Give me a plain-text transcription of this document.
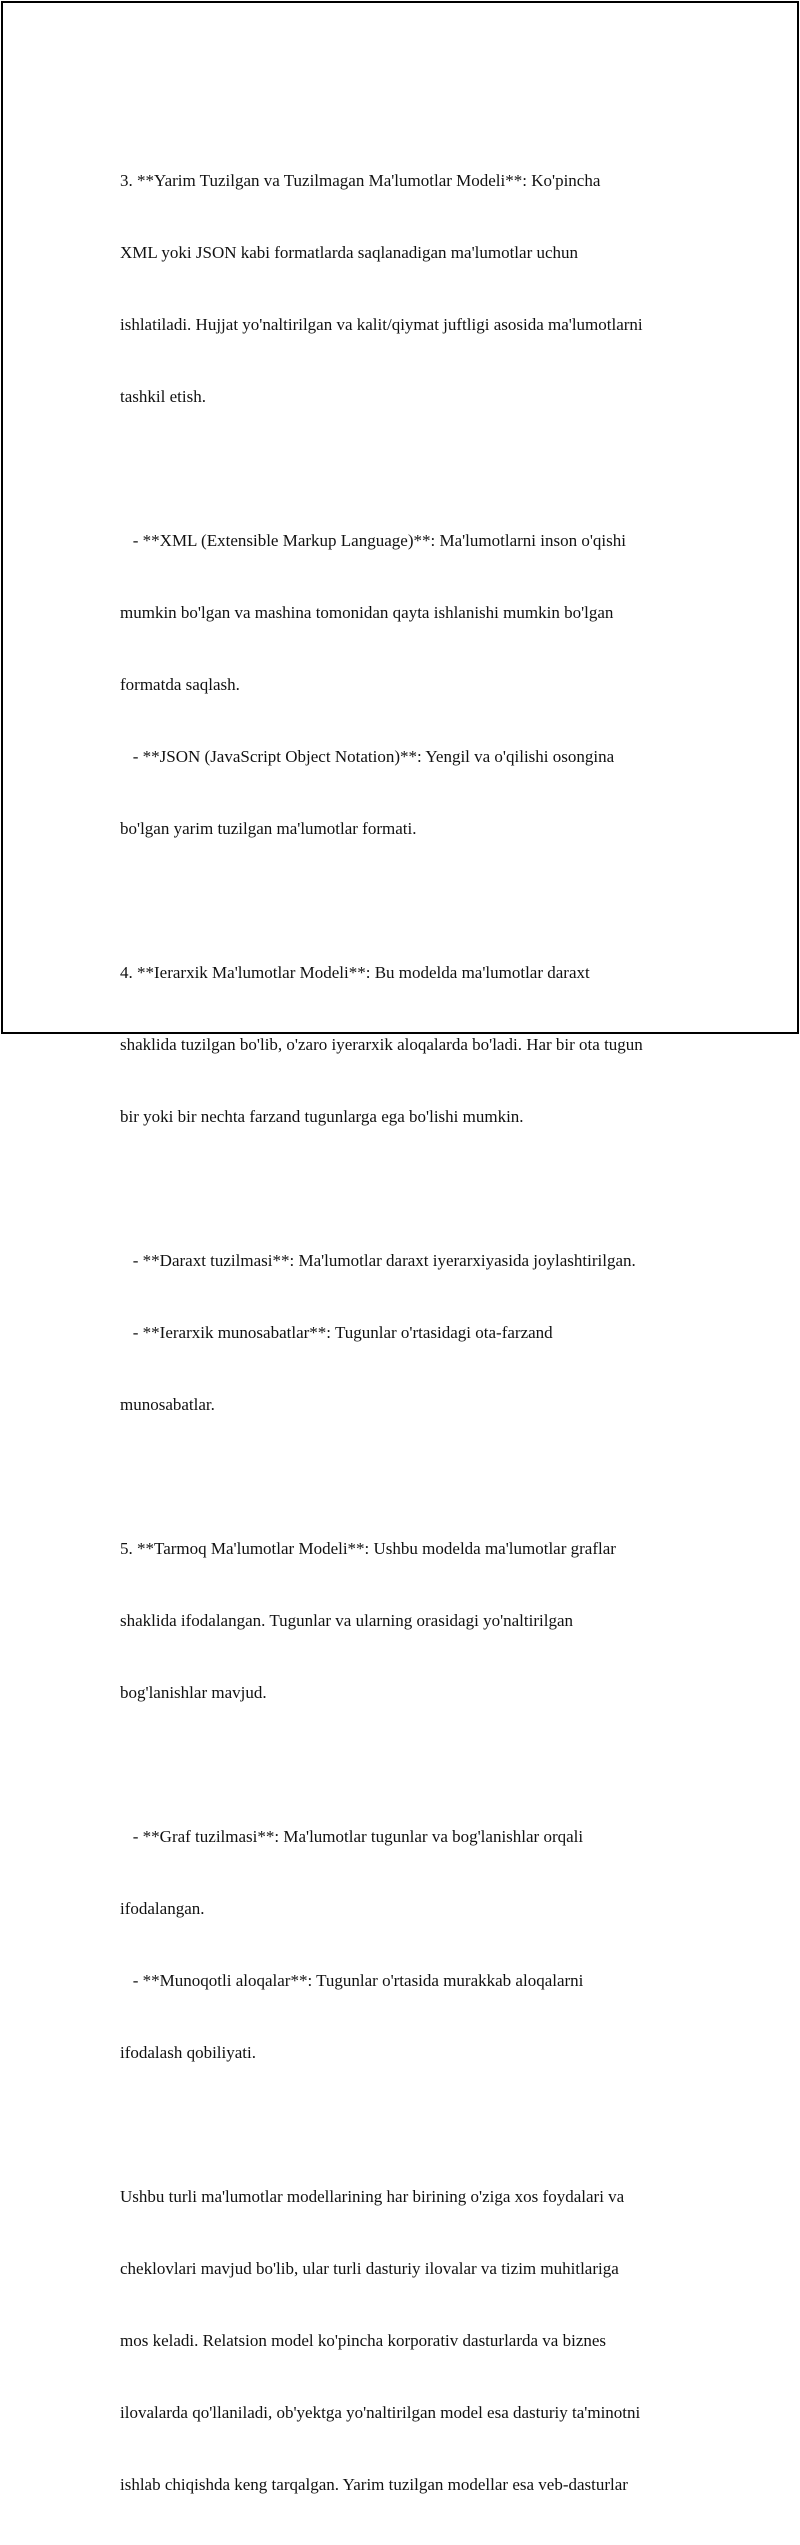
3. **Yarim Tuzilgan va Tuzilmagan Ma'lumotlar Modeli**: Ko'pincha

XML yoki JSON kabi formatlarda saqlanadigan ma'lumotlar uchun

ishlatiladi. Hujjat yo'naltirilgan va kalit/qiymat juftligi asosida ma'lumotlarni

tashkil etish.

- **XML (Extensible Markup Language)**: Ma'lumotlarni inson o'qishi

mumkin bo'lgan va mashina tomonidan qayta ishlanishi mumkin bo'lgan

formatda saqlash.

- **JSON (JavaScript Object Notation)**: Yengil va o'qilishi osongina

bo'lgan yarim tuzilgan ma'lumotlar formati.

4. **Ierarxik Ma'lumotlar Modeli**: Bu modelda ma'lumotlar daraxt

shaklida tuzilgan bo'lib, o'zaro iyerarxik aloqalarda bo'ladi. Har bir ota tugun

bir yoki bir nechta farzand tugunlarga ega bo'lishi mumkin.

- **Daraxt tuzilmasi**: Ma'lumotlar daraxt iyerarxiyasida joylashtirilgan.

- **Ierarxik munosabatlar**: Tugunlar o'rtasidagi ota-farzand

munosabatlar.

5. **Tarmoq Ma'lumotlar Modeli**: Ushbu modelda ma'lumotlar graflar

shaklida ifodalangan. Tugunlar va ularning orasidagi yo'naltirilgan

bog'lanishlar mavjud.

- **Graf tuzilmasi**: Ma'lumotlar tugunlar va bog'lanishlar orqali

ifodalangan.

- **Munoqotli aloqalar**: Tugunlar o'rtasida murakkab aloqalarni

ifodalash qobiliyati.

Ushbu turli ma'lumotlar modellarining har birining o'ziga xos foydalari va

cheklovlari mavjud bo'lib, ular turli dasturiy ilovalar va tizim muhitlariga

mos keladi. Relatsion model ko'pincha korporativ dasturlarda va biznes

ilovalarda qo'llaniladi, ob'yektga yo'naltirilgan model esa dasturiy ta'minotni

ishlab chiqishda keng tarqalgan. Yarim tuzilgan modellar esa veb-dasturlar
